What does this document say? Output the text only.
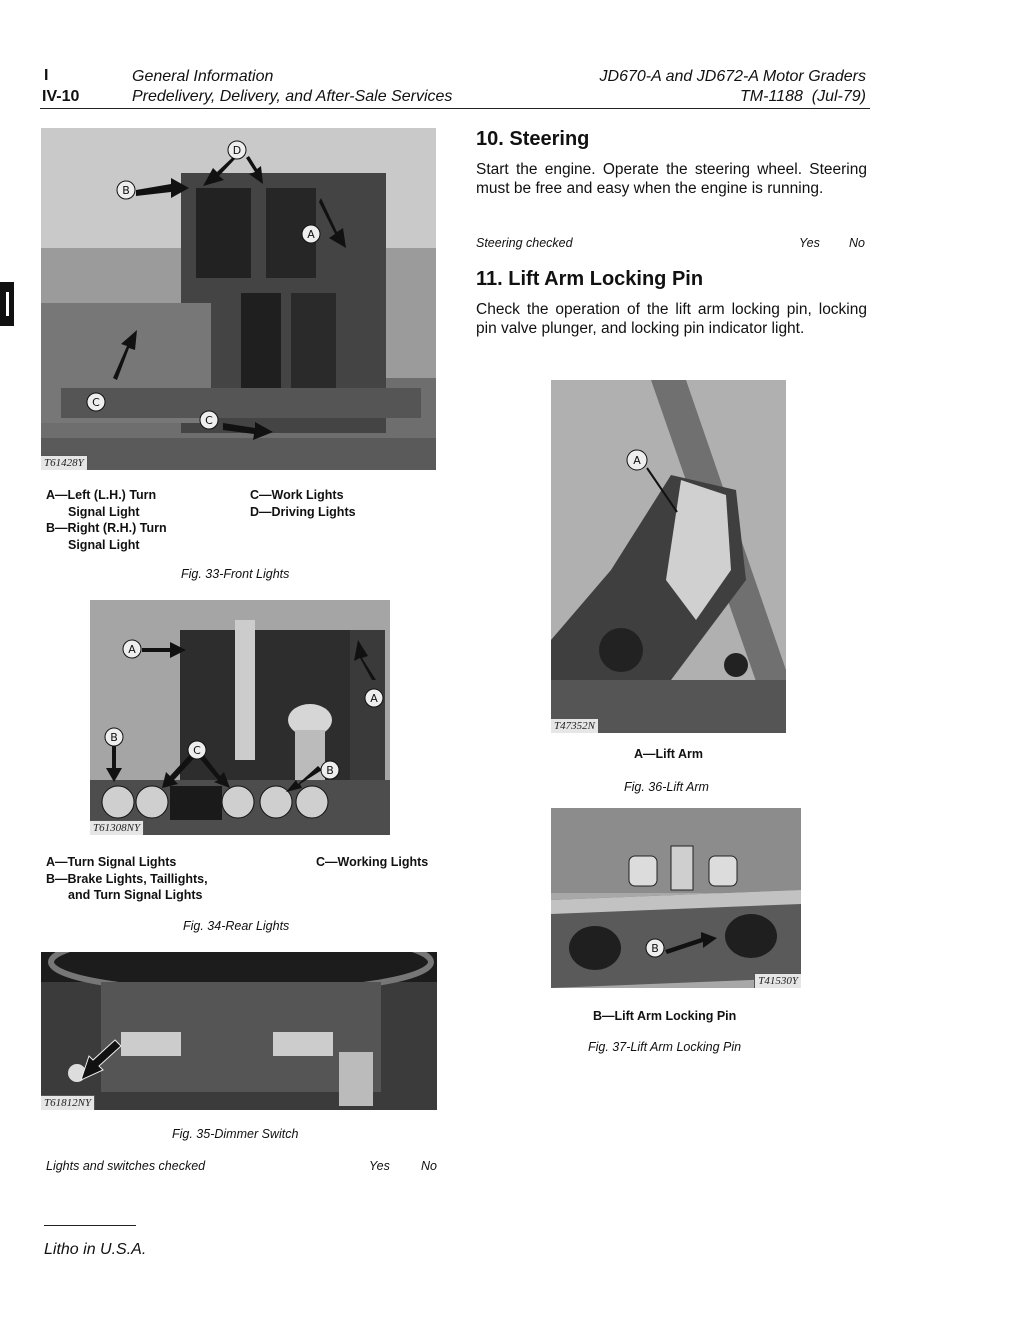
I
IV-10
General Information
Predelivery, Delivery, and After-Sale Services
JD670-A and JD672-A Motor Graders
TM-1188  (Jul-79)
B
D
A
C
C
T61428Y
A—Left (L.H.) Turn
Signal Light
B—Right (R.H.) Turn
Signal Light
C—Work Lights
D—Driving Lights
Fig. 33-Front Lights
A
A
B
B
C
T61308NY
A—Turn Signal Lights
B—Brake Lights, Taillights,
and Turn Signal Lights
C—Working Lights
Fig. 34-Rear Lights
T61812NY
Fig. 35-Dimmer Switch
Lights and switches checked	Yes No
10. Steering
Start the engine. Operate the steering wheel. Steering must be free and easy when the engine is running.
Steering checked	Yes No
11. Lift Arm Locking Pin
Check the operation of the lift arm locking pin, locking pin valve plunger, and locking pin indicator light.
A
T47352N
A—Lift Arm
Fig. 36-Lift Arm
B
T41530Y
B—Lift Arm Locking Pin
Fig. 37-Lift Arm Locking Pin
Litho in U.S.A.
